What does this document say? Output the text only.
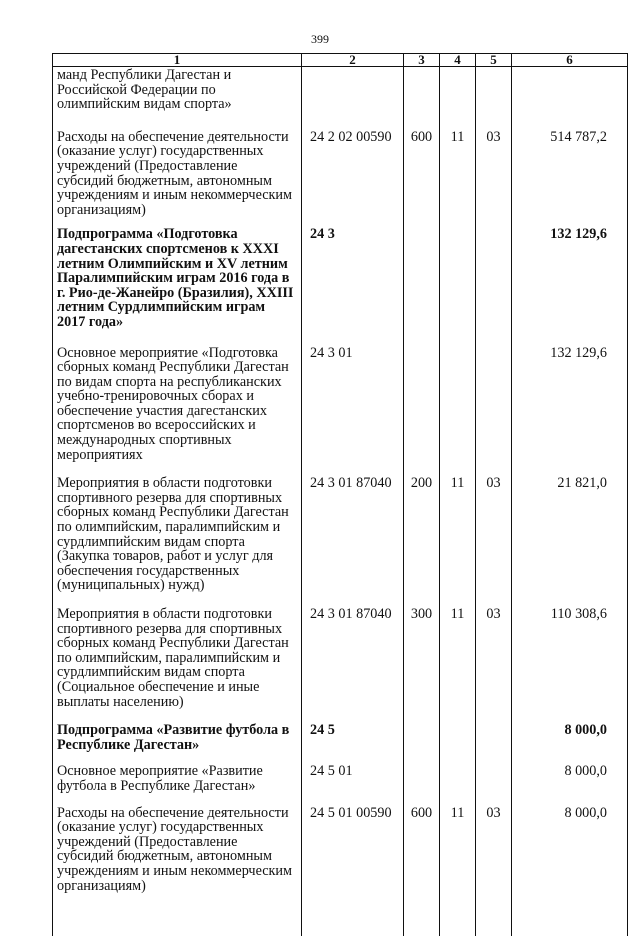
399
1	2	3	4	5	6
манд Республики Дагестан и Российской Федерации по олимпийским видам спорта»					
Расходы на обеспечение деятельности (оказание услуг) государственных учреждений (Предоставление субсидий бюджетным, автономным учреждениям и иным некоммерческим организациям)	24 2 02 00590	600	11	03	514 787,2
Подпрограмма «Подготовка дагестанских спортсменов к XXXI летним Олимпийским и XV летним Паралимпийским играм 2016 года в г. Рио-де-Жанейро (Бразилия), XXIII летним Сурдлимпийским играм 2017 года»	24 3				132 129,6
Основное мероприятие «Подготовка сборных команд Республики Дагестан по видам спорта на республиканских учебно-тренировочных сборах и обеспечение участия дагестанских спортсменов во всероссийских и международных спортивных мероприятиях	24 3 01				132 129,6
Мероприятия в области подготовки спортивного резерва для спортивных сборных команд Республики Дагестан по олимпийским, паралимпийским и сурдлимпийским видам спорта (Закупка товаров, работ и услуг для обеспечения государственных (муниципальных) нужд)	24 3 01 87040	200	11	03	21 821,0
Мероприятия в области подготовки спортивного резерва для спортивных сборных команд Республики Дагестан по олимпийским, паралимпийским и сурдлимпийским видам спорта (Социальное обеспечение и иные выплаты населению)	24 3 01 87040	300	11	03	110 308,6
Подпрограмма «Развитие футбола в Республике Дагестан»	24 5				8 000,0
Основное мероприятие «Развитие футбола в Республике Дагестан»	24 5 01				8 000,0
Расходы на обеспечение деятельности (оказание услуг) государственных учреждений (Предоставление субсидий бюджетным, автономным учреждениям и иным некоммерческим организациям)	24 5 01 00590	600	11	03	8 000,0
